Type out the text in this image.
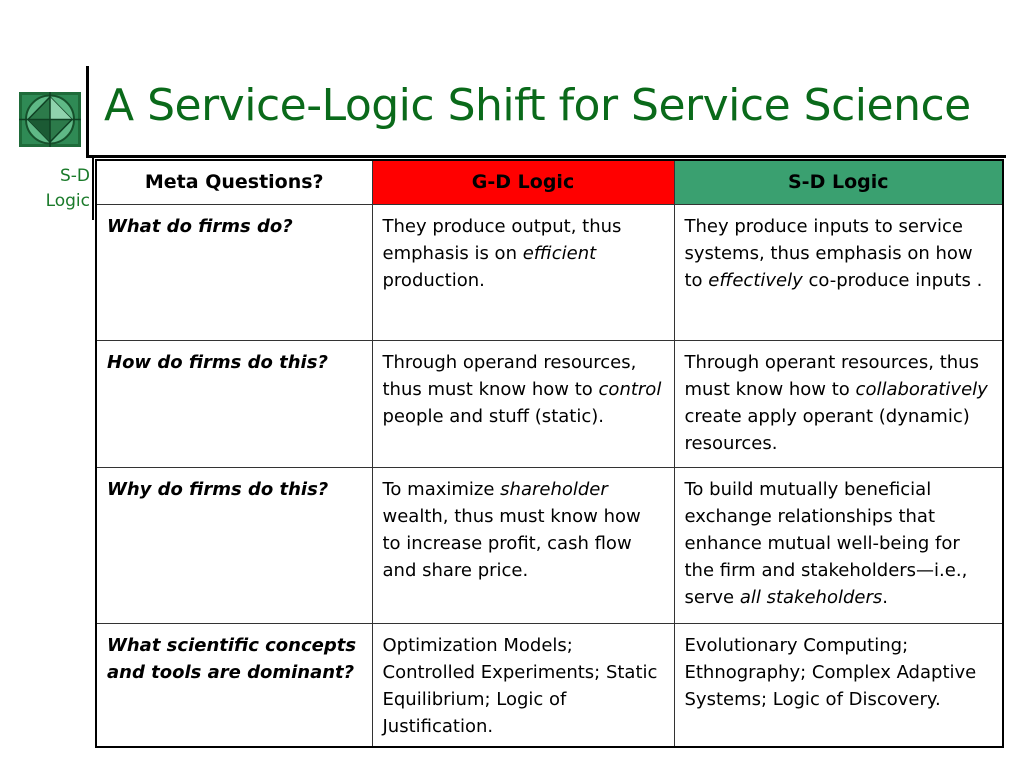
A Service-Logic Shift for Service Science
S-D
Logic
Meta Questions?	G-D Logic	S-D Logic
What do firms do?	They produce output, thus emphasis is on efficient production.	They produce inputs to service systems, thus emphasis on how to effectively co-produce inputs .
How do firms do this?	Through operand resources, thus must know how to control people and stuff (static).	Through operant resources, thus must know how to collaboratively create apply operant (dynamic) resources.
Why do firms do this?	To maximize shareholder wealth, thus must know how to increase profit, cash flow and share price.	To build mutually beneficial exchange relationships that enhance mutual well-being for the firm and stakeholders—i.e., serve all stakeholders.
What scientific concepts and tools are dominant?	Optimization Models; Controlled Experiments; Static Equilibrium; Logic of Justification.	Evolutionary Computing; Ethnography; Complex Adaptive Systems; Logic of Discovery.
